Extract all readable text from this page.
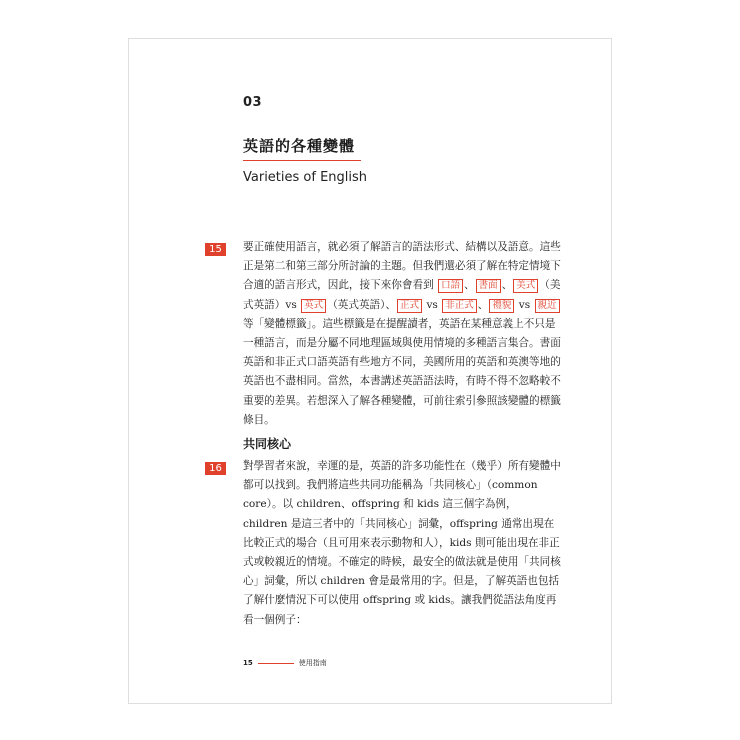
03
英語的各種變體
Varieties of English
15	要正確使用語言，就必須了解語言的語法形式、結構以及語意。這些正是第二和第三部分所討論的主題。但我們還必須了解在特定情境下合適的語言形式，因此，接下來你會看到 口語 、 書面 、 美式 （美式英語）vs 英式 （英式英語）、 正式 vs 非正式 、 禮貌 vs 親近等「變體標籤」。這些標籤是在提醒讀者，英語在某種意義上不只是一種語言，而是分屬不同地理區域與使用情境的多種語言集合。書面英語和非正式口語英語有些地方不同，美國所用的英語和英澳等地的英語也不盡相同。當然，本書講述英語語法時，有時不得不忽略較不重要的差異。若想深入了解各種變體，可前往索引參照該變體的標籤條目。

共同核心
16	對學習者來說，幸運的是，英語的許多功能性在（幾乎）所有變體中都可以找到。我們將這些共同功能稱為「共同核心」（common core）。以 children、offspring 和 kids 這三個字為例，children 是這三者中的「共同核心」詞彙，offspring 通常出現在比較正式的場合（且可用來表示動物和人），kids 則可能出現在非正式或較親近的情境。不確定的時候，最安全的做法就是使用「共同核心」詞彙，所以 children 會是最常用的字。但是，了解英語也包括了解什麼情況下可以使用 offspring 或 kids。讓我們從語法角度再看一個例子：

15	使用指南
